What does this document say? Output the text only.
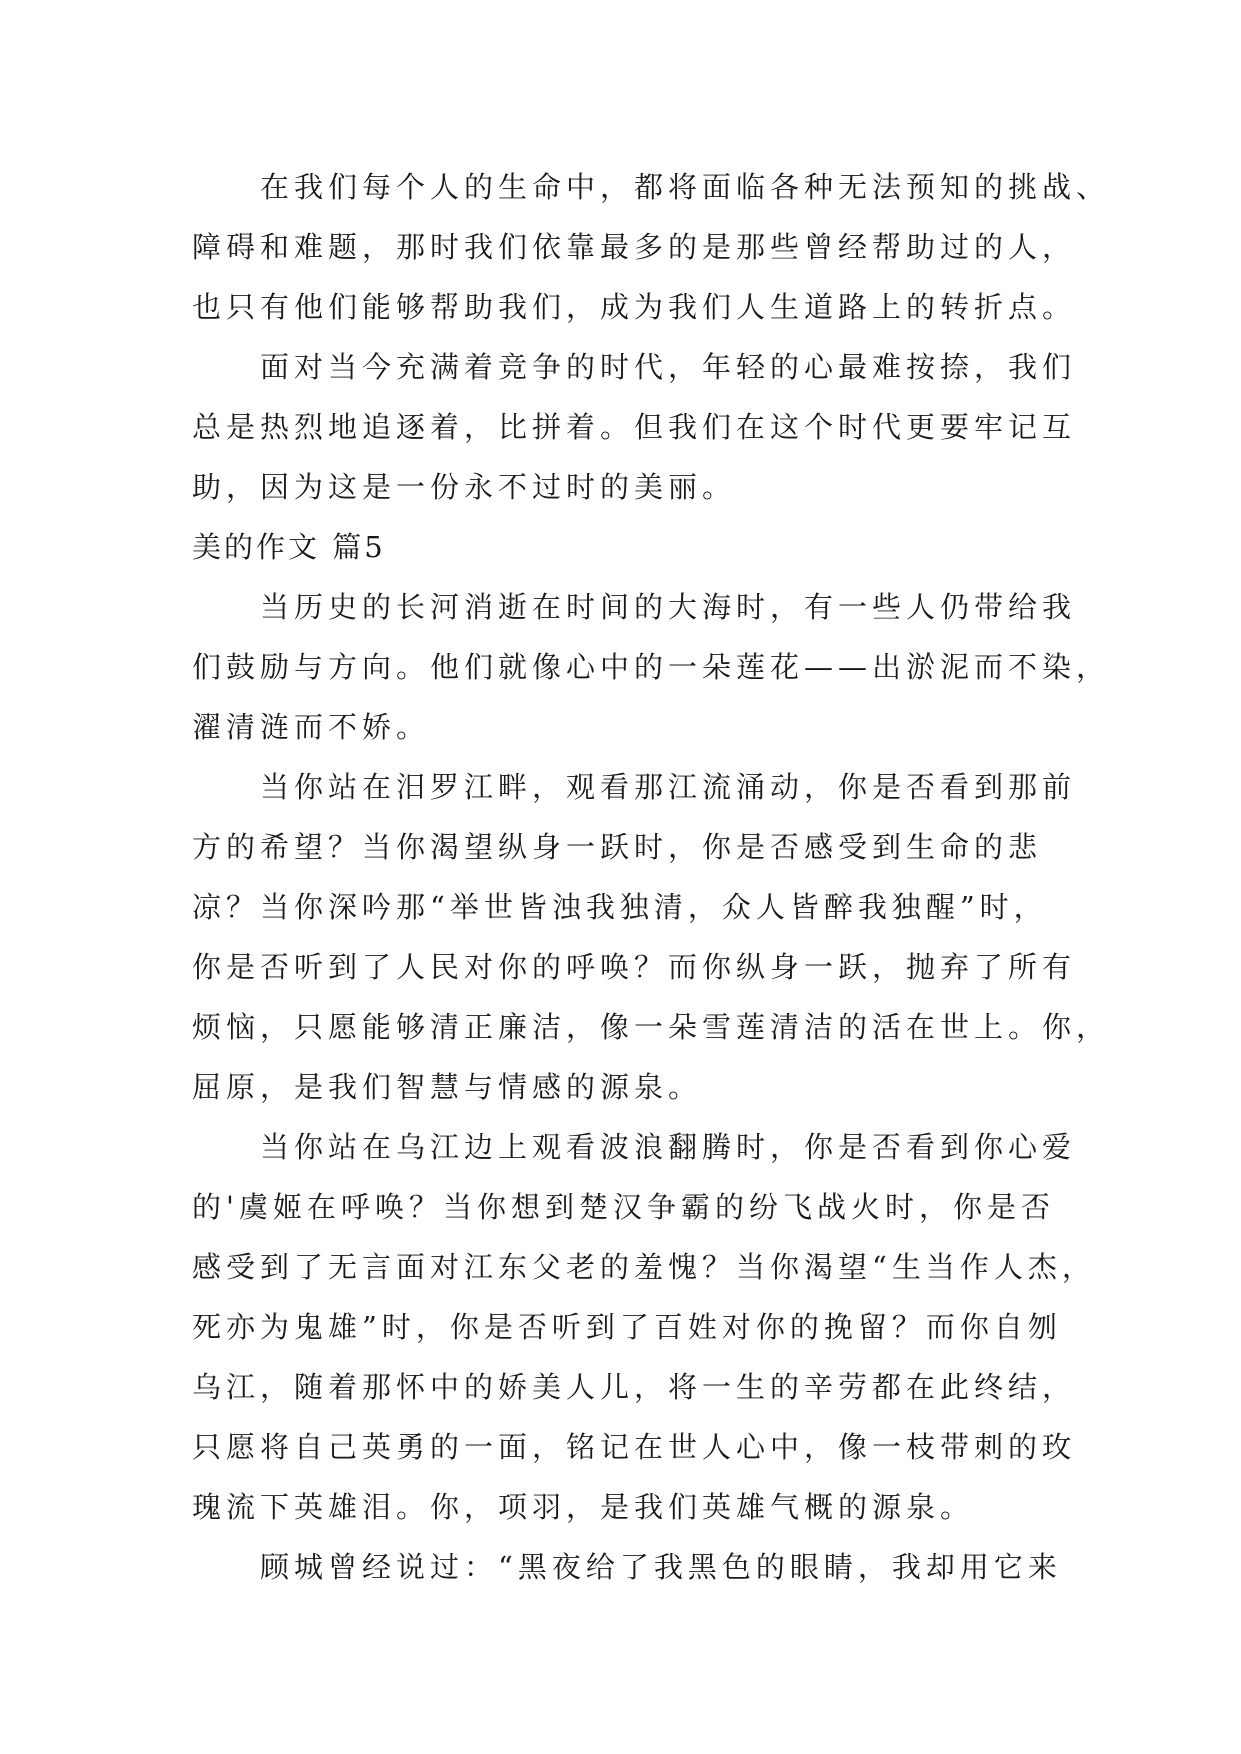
在我们每个人的生命中，都将面临各种无法预知的挑战、
障碍和难题，那时我们依靠最多的是那些曾经帮助过的人，
也只有他们能够帮助我们，成为我们人生道路上的转折点。
面对当今充满着竞争的时代，年轻的心最难按捺，我们
总是热烈地追逐着，比拼着。但我们在这个时代更要牢记互
助，因为这是一份永不过时的美丽。
美的作文 篇5
当历史的长河消逝在时间的大海时，有一些人仍带给我
们鼓励与方向。他们就像心中的一朵莲花——出淤泥而不染，
濯清涟而不娇。
当你站在汨罗江畔，观看那江流涌动，你是否看到那前
方的希望？当你渴望纵身一跃时，你是否感受到生命的悲
凉？当你深吟那“举世皆浊我独清，众人皆醉我独醒”时，
你是否听到了人民对你的呼唤？而你纵身一跃，抛弃了所有
烦恼，只愿能够清正廉洁，像一朵雪莲清洁的活在世上。你，
屈原，是我们智慧与情感的源泉。
当你站在乌江边上观看波浪翻腾时，你是否看到你心爱
的'虞姬在呼唤？当你想到楚汉争霸的纷飞战火时，你是否
感受到了无言面对江东父老的羞愧？当你渴望“生当作人杰，
死亦为鬼雄”时，你是否听到了百姓对你的挽留？而你自刎
乌江，随着那怀中的娇美人儿，将一生的辛劳都在此终结，
只愿将自己英勇的一面，铭记在世人心中，像一枝带刺的玫
瑰流下英雄泪。你，项羽，是我们英雄气概的源泉。
顾城曾经说过：“黑夜给了我黑色的眼睛，我却用它来
